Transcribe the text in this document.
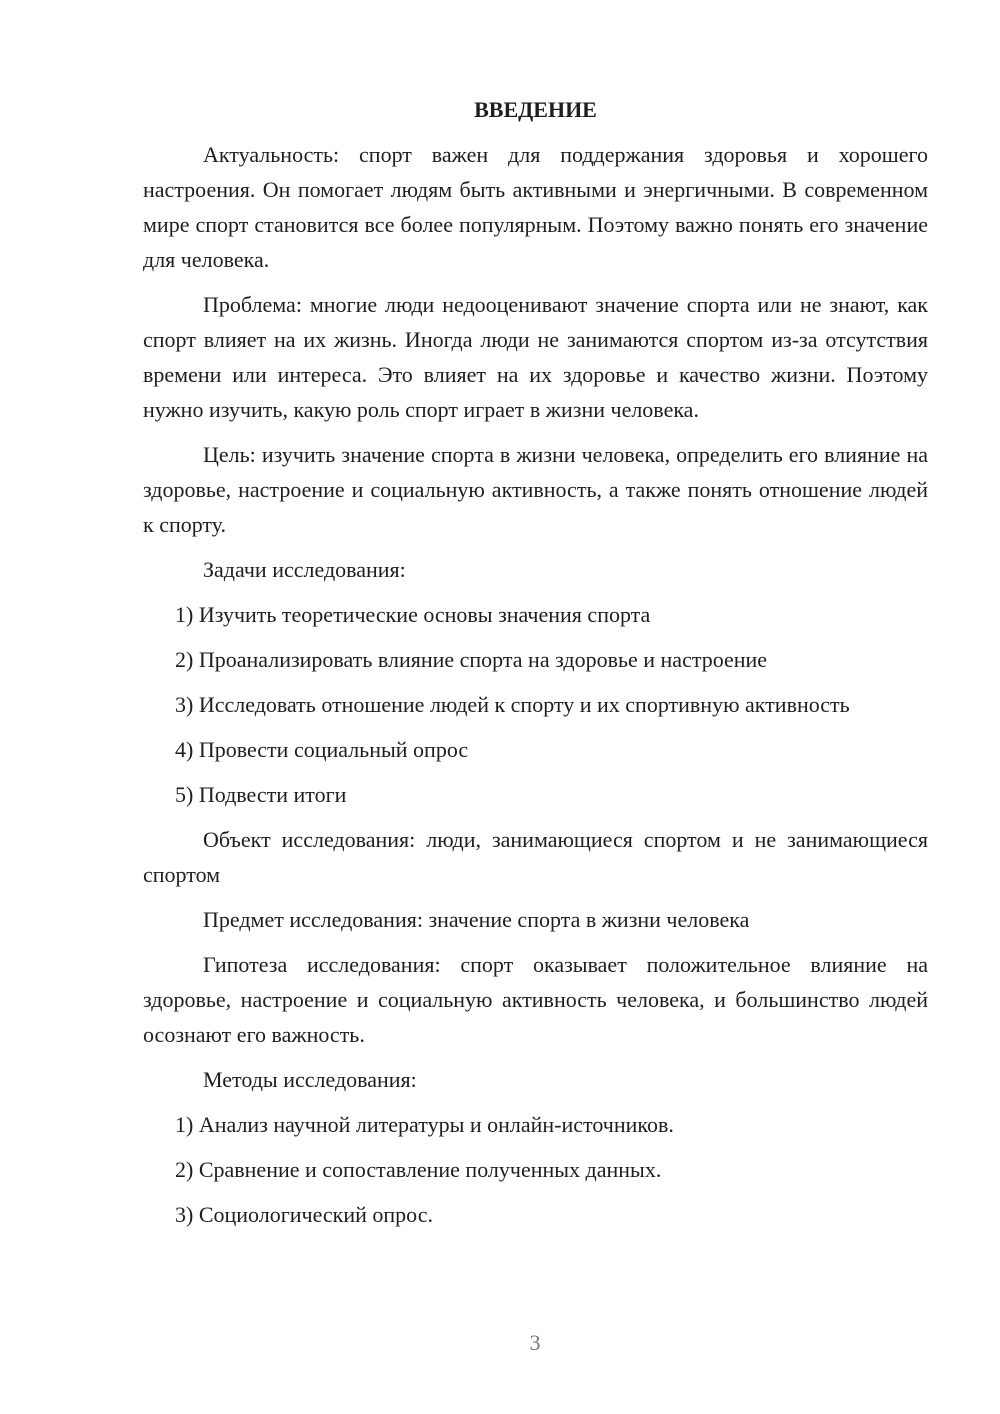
ВВЕДЕНИЕ

Актуальность: спорт важен для поддержания здоровья и хорошего настроения. Он помогает людям быть активными и энергичными. В современном мире спорт становится все более популярным. Поэтому важно понять его значение для человека.

Проблема: многие люди недооценивают значение спорта или не знают, как спорт влияет на их жизнь. Иногда люди не занимаются спортом из-за отсутствия времени или интереса. Это влияет на их здоровье и качество жизни. Поэтому нужно изучить, какую роль спорт играет в жизни человека.

Цель: изучить значение спорта в жизни человека, определить его влияние на здоровье, настроение и социальную активность, а также понять отношение людей к спорту.

Задачи исследования:

1) Изучить теоретические основы значения спорта

2) Проанализировать влияние спорта на здоровье и настроение

3) Исследовать отношение людей к спорту и их спортивную активность

4) Провести социальный опрос

5) Подвести итоги

Объект исследования: люди, занимающиеся спортом и не занимающиеся спортом

Предмет исследования: значение спорта в жизни человека

Гипотеза исследования: спорт оказывает положительное влияние на здоровье, настроение и социальную активность человека, и большинство людей осознают его важность.

Методы исследования:

1) Анализ научной литературы и онлайн-источников.

2) Сравнение и сопоставление полученных данных.

3) Социологический опрос.

3
